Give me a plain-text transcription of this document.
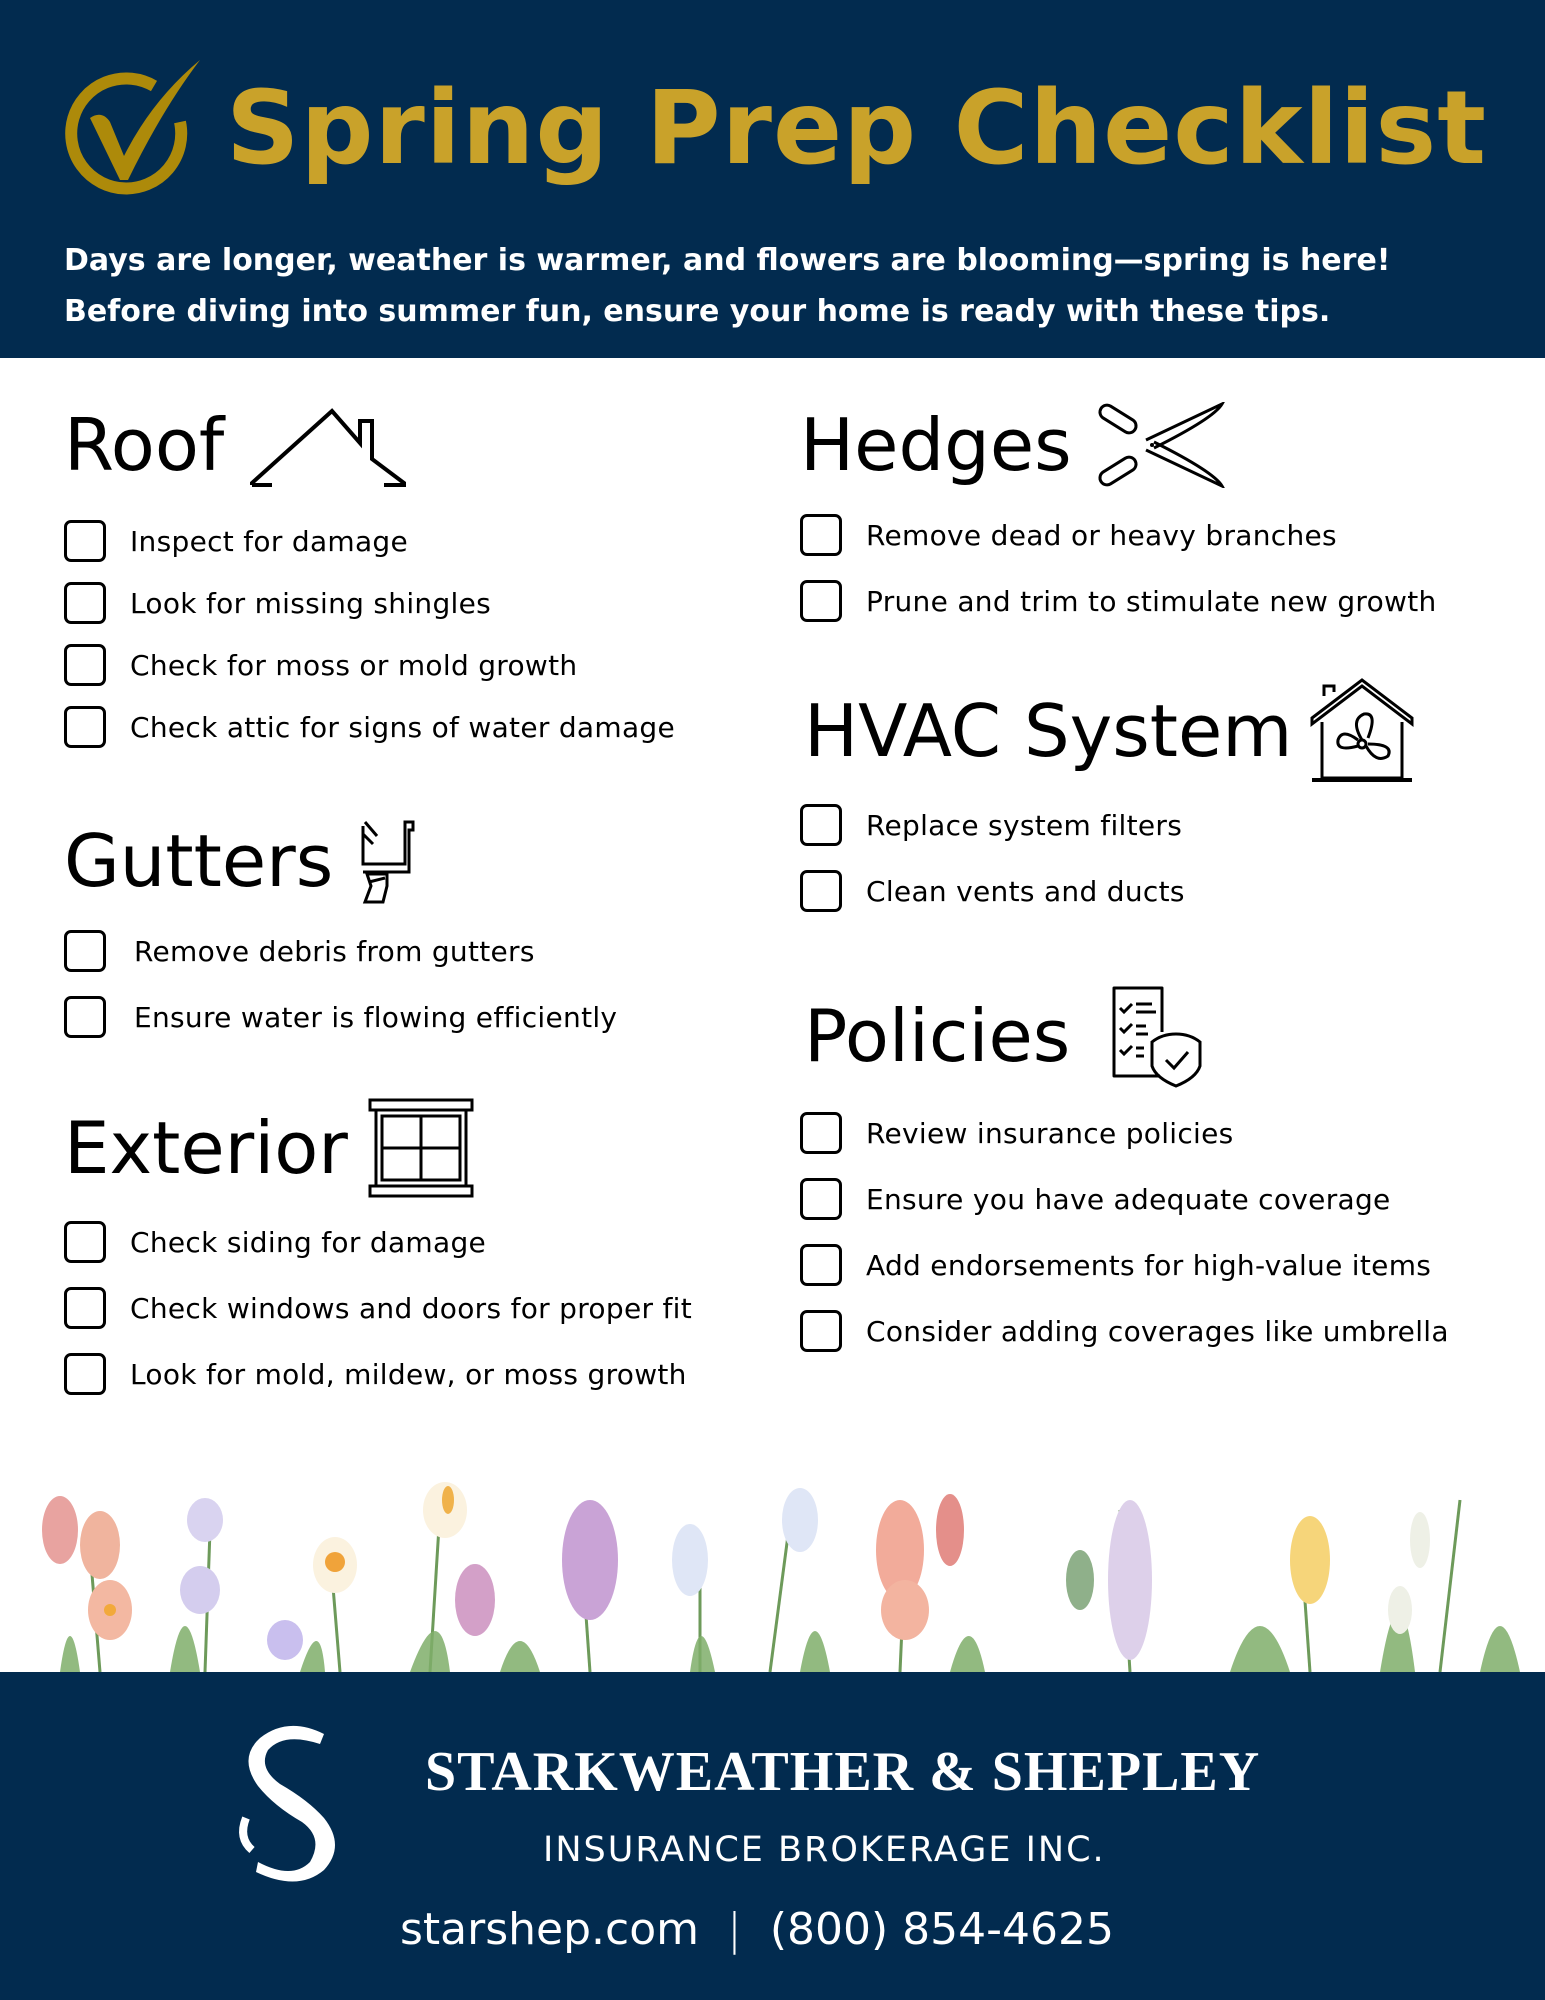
Spring Prep Checklist
Days are longer, weather is warmer, and flowers are blooming—spring is here!
Before diving into summer fun, ensure your home is ready with these tips.
Roof
Inspect for damage
Look for missing shingles
Check for moss or mold growth
Check attic for signs of water damage
Gutters
Remove debris from gutters
Ensure water is flowing efficiently
Exterior
Check siding for damage
Check windows and doors for proper fit
Look for mold, mildew, or moss growth
Hedges
Remove dead or heavy branches
Prune and trim to stimulate new growth
HVAC System
Replace system filters
Clean vents and ducts
Policies
Review insurance policies
Ensure you have adequate coverage
Add endorsements for high-value items
Consider adding coverages like umbrella
STARKWEATHER & SHEPLEY
INSURANCE BROKERAGE INC.
starshep.com | (800) 854-4625
